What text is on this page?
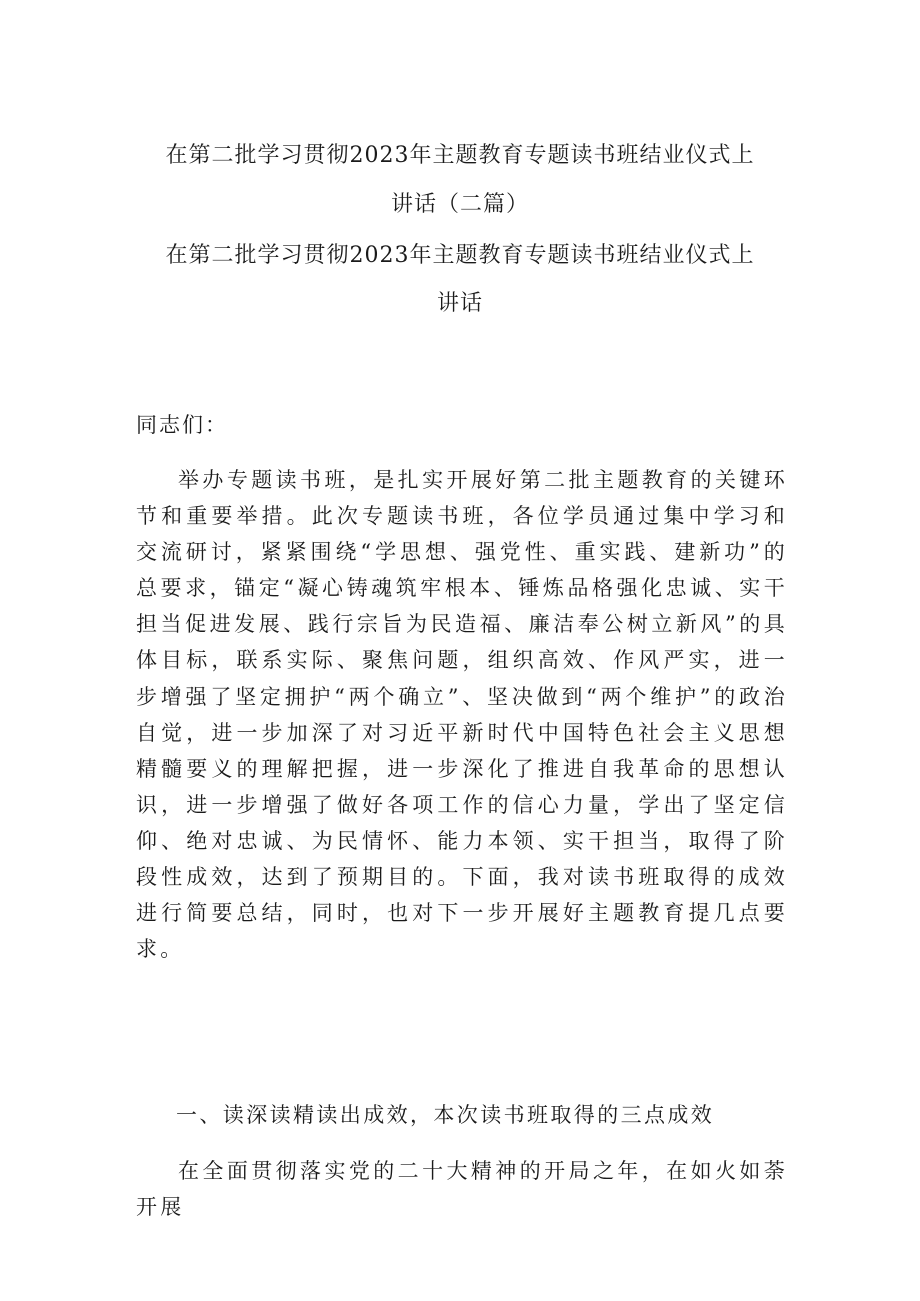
在第二批学习贯彻2023年主题教育专题读书班结业仪式上
讲话（二篇）
在第二批学习贯彻2023年主题教育专题读书班结业仪式上
讲话
同志们：
举办专题读书班，是扎实开展好第二批主题教育的关键环节和重要举措。此次专题读书班，各位学员通过集中学习和交流研讨，紧紧围绕“学思想、强党性、重实践、建新功”的总要求，锚定“凝心铸魂筑牢根本、锤炼品格强化忠诚、实干担当促进发展、践行宗旨为民造福、廉洁奉公树立新风”的具体目标，联系实际、聚焦问题，组织高效、作风严实，进一步增强了坚定拥护“两个确立”、坚决做到“两个维护”的政治自觉，进一步加深了对习近平新时代中国特色社会主义思想精髓要义的理解把握，进一步深化了推进自我革命的思想认识，进一步增强了做好各项工作的信心力量，学出了坚定信仰、绝对忠诚、为民情怀、能力本领、实干担当，取得了阶段性成效，达到了预期目的。下面，我对读书班取得的成效进行简要总结，同时，也对下一步开展好主题教育提几点要求。
一、读深读精读出成效，本次读书班取得的三点成效
在全面贯彻落实党的二十大精神的开局之年，在如火如荼开展
